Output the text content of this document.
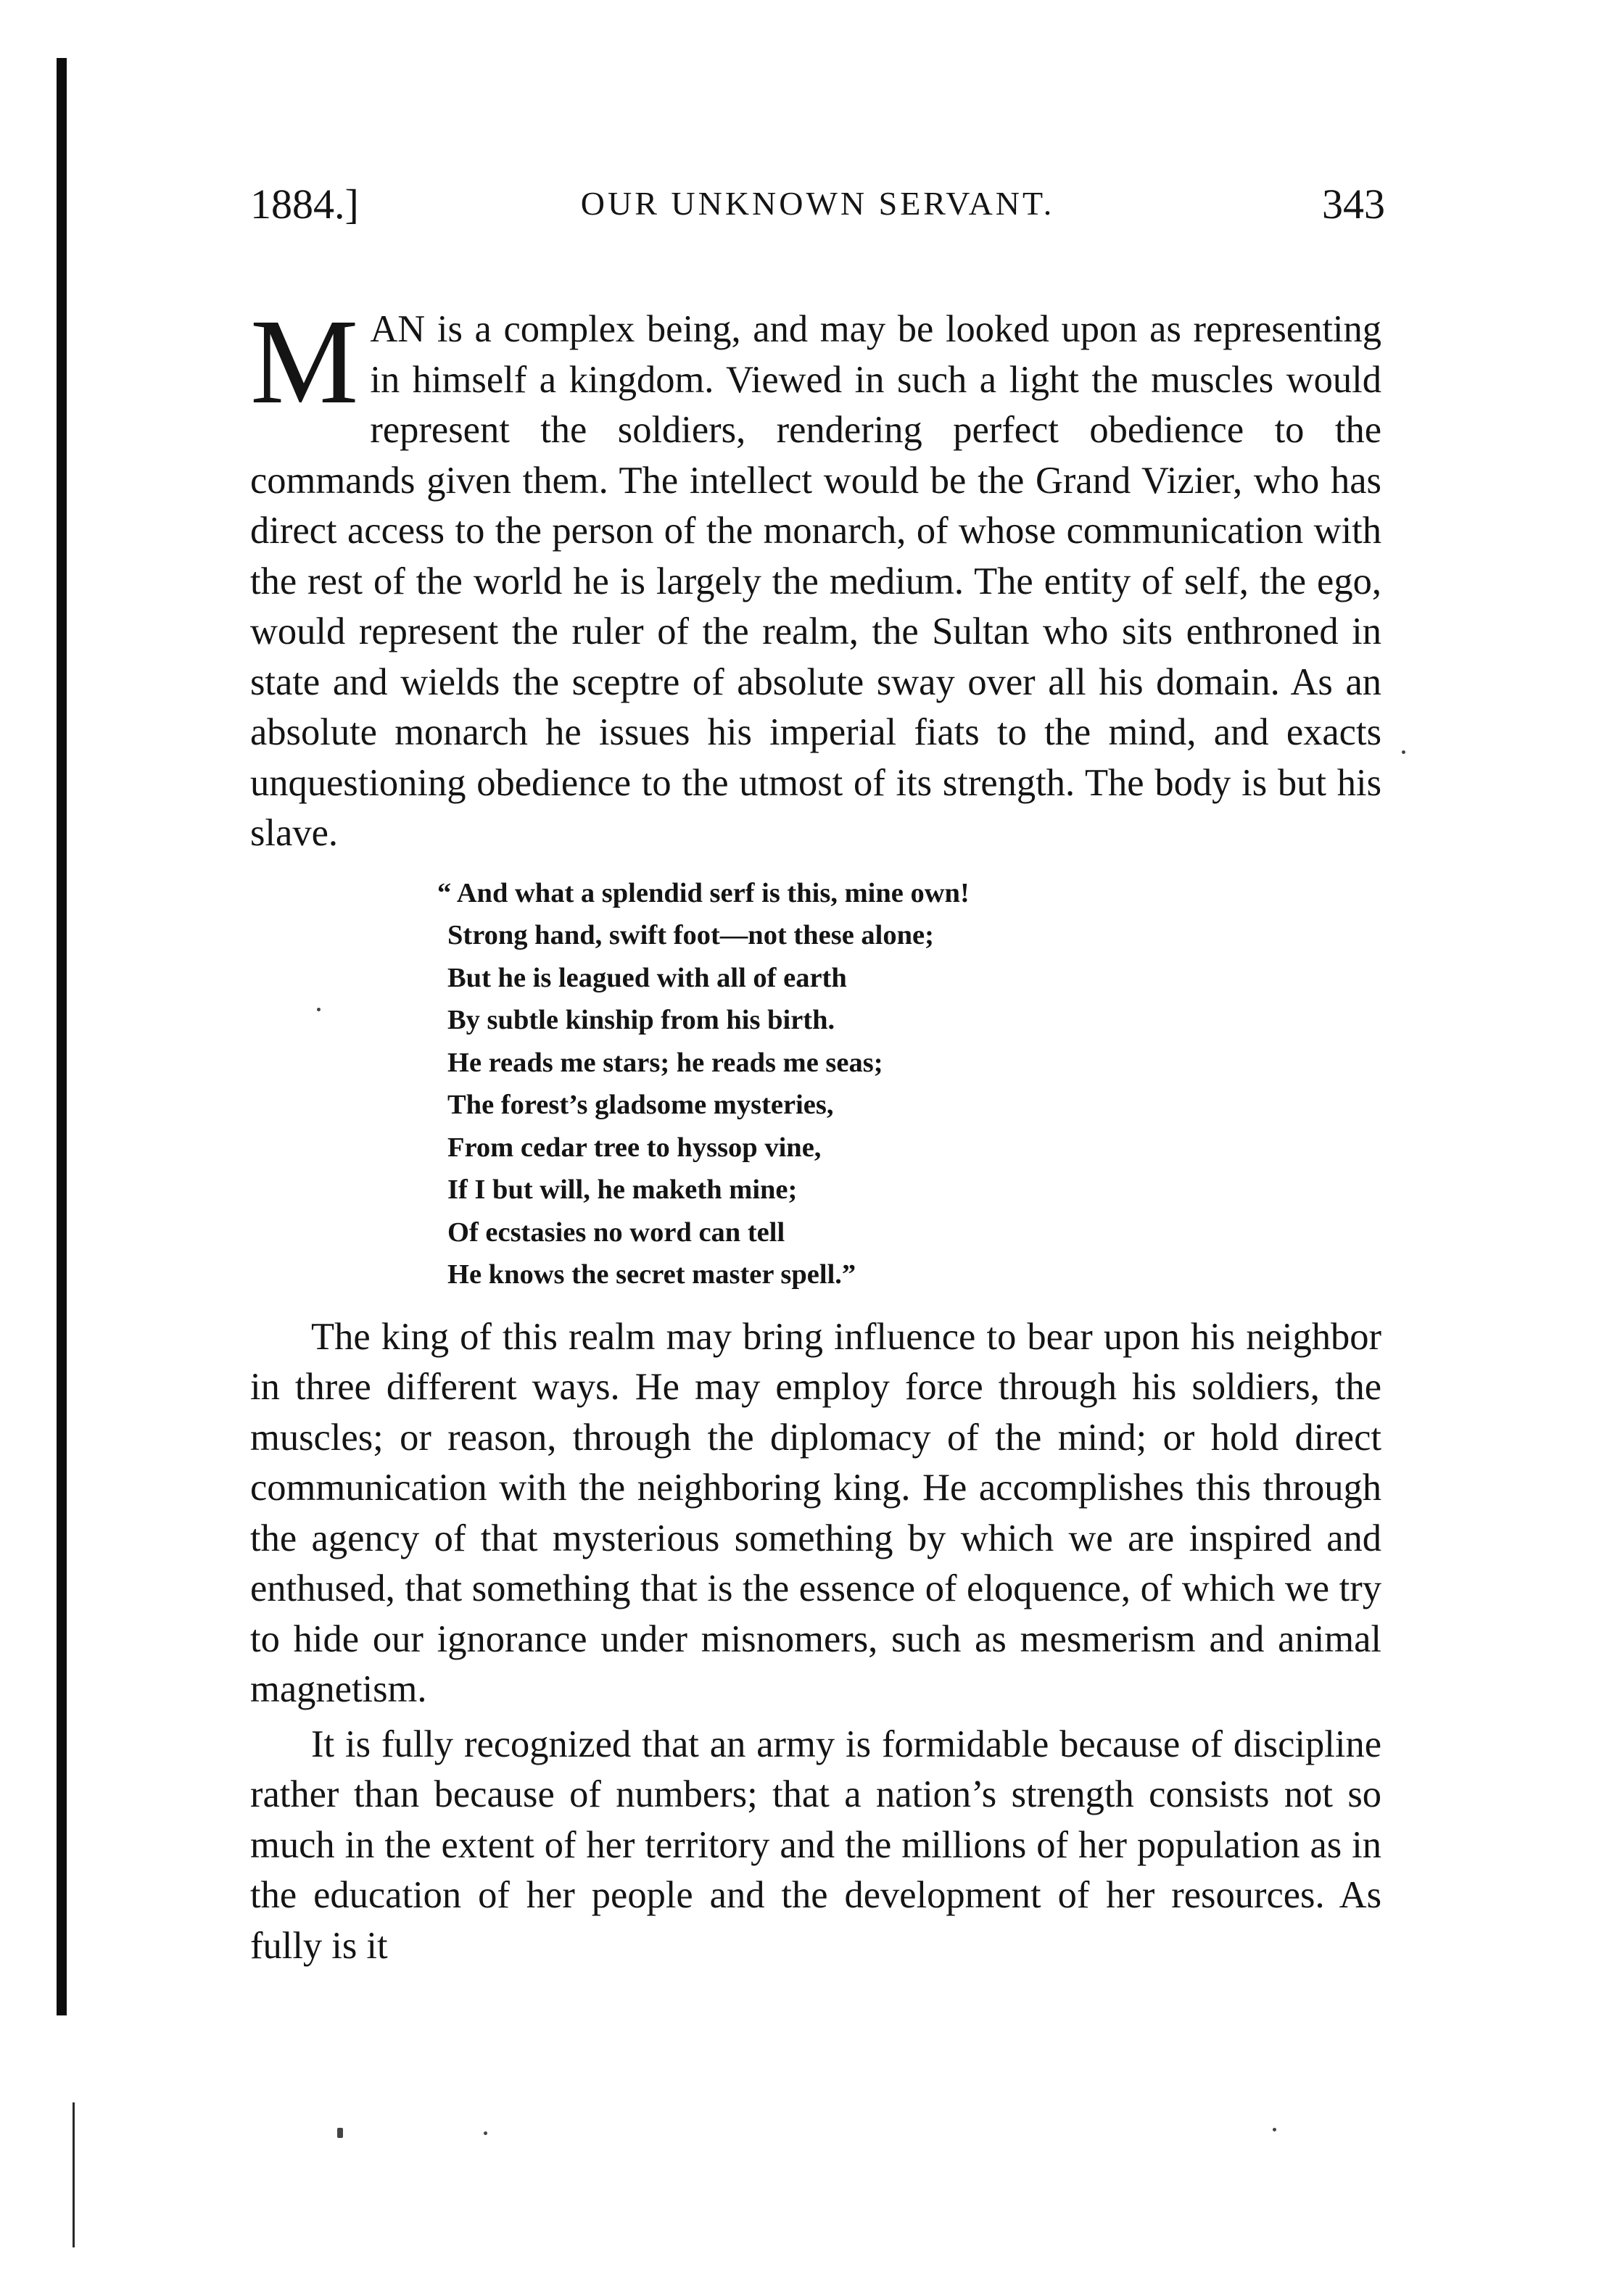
1884.]	OUR UNKNOWN SERVANT.	343

MAN is a complex being, and may be looked upon as representing in himself a kingdom. Viewed in such a light the muscles would represent the soldiers, rendering perfect obedience to the commands given them. The intellect would be the Grand Vizier, who has direct access to the person of the monarch, of whose communication with the rest of the world he is largely the medium. The entity of self, the ego, would represent the ruler of the realm, the Sultan who sits enthroned in state and wields the sceptre of absolute sway over all his domain. As an absolute monarch he issues his imperial fiats to the mind, and exacts unquestioning obedience to the utmost of its strength. The body is but his slave.

“ And what a splendid serf is this, mine own!
Strong hand, swift foot—not these alone;
But he is leagued with all of earth
By subtle kinship from his birth.
He reads me stars; he reads me seas;
The forest’s gladsome mysteries,
From cedar tree to hyssop vine,
If I but will, he maketh mine;
Of ecstasies no word can tell
He knows the secret master spell.”

The king of this realm may bring influence to bear upon his neighbor in three different ways. He may employ force through his soldiers, the muscles; or reason, through the diplomacy of the mind; or hold direct communication with the neighboring king. He accomplishes this through the agency of that mysterious something by which we are inspired and enthused, that something that is the essence of eloquence, of which we try to hide our ignorance under misnomers, such as mesmerism and animal magnetism.

It is fully recognized that an army is formidable because of discipline rather than because of numbers; that a nation’s strength consists not so much in the extent of her territory and the millions of her population as in the education of her people and the development of her resources. As fully is it
